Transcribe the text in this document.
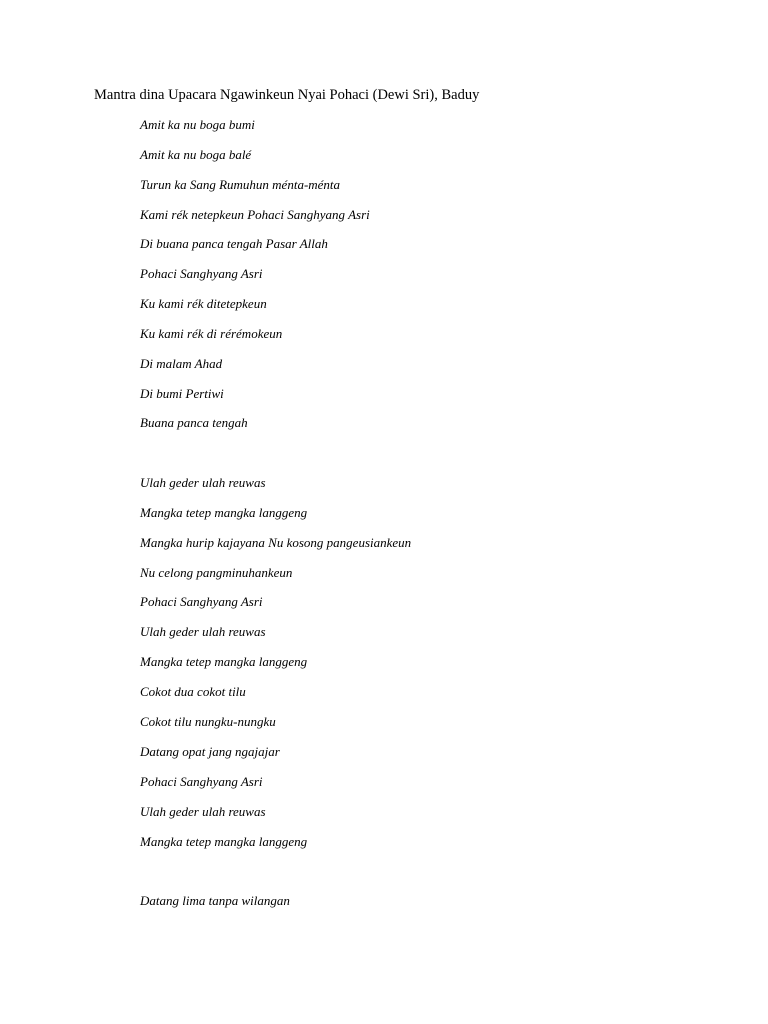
Mantra dina Upacara Ngawinkeun Nyai Pohaci (Dewi Sri), Baduy
Amit ka nu boga bumi
Amit ka nu boga balé
Turun ka Sang Rumuhun ménta-ménta
Kami rék netepkeun Pohaci Sanghyang Asri
Di buana panca tengah Pasar Allah
Pohaci Sanghyang Asri
Ku kami rék ditetepkeun
Ku kami rék di rérémokeun
Di malam Ahad
Di bumi Pertiwi
Buana panca tengah
Ulah geder ulah reuwas
Mangka tetep mangka langgeng
Mangka hurip kajayana Nu kosong pangeusiankeun
Nu celong pangminuhankeun
Pohaci Sanghyang Asri
Ulah geder ulah reuwas
Mangka tetep mangka langgeng
Cokot dua cokot tilu
Cokot tilu nungku-nungku
Datang opat jang ngajajar
Pohaci Sanghyang Asri
Ulah geder ulah reuwas
Mangka tetep mangka langgeng
Datang lima tanpa wilangan
